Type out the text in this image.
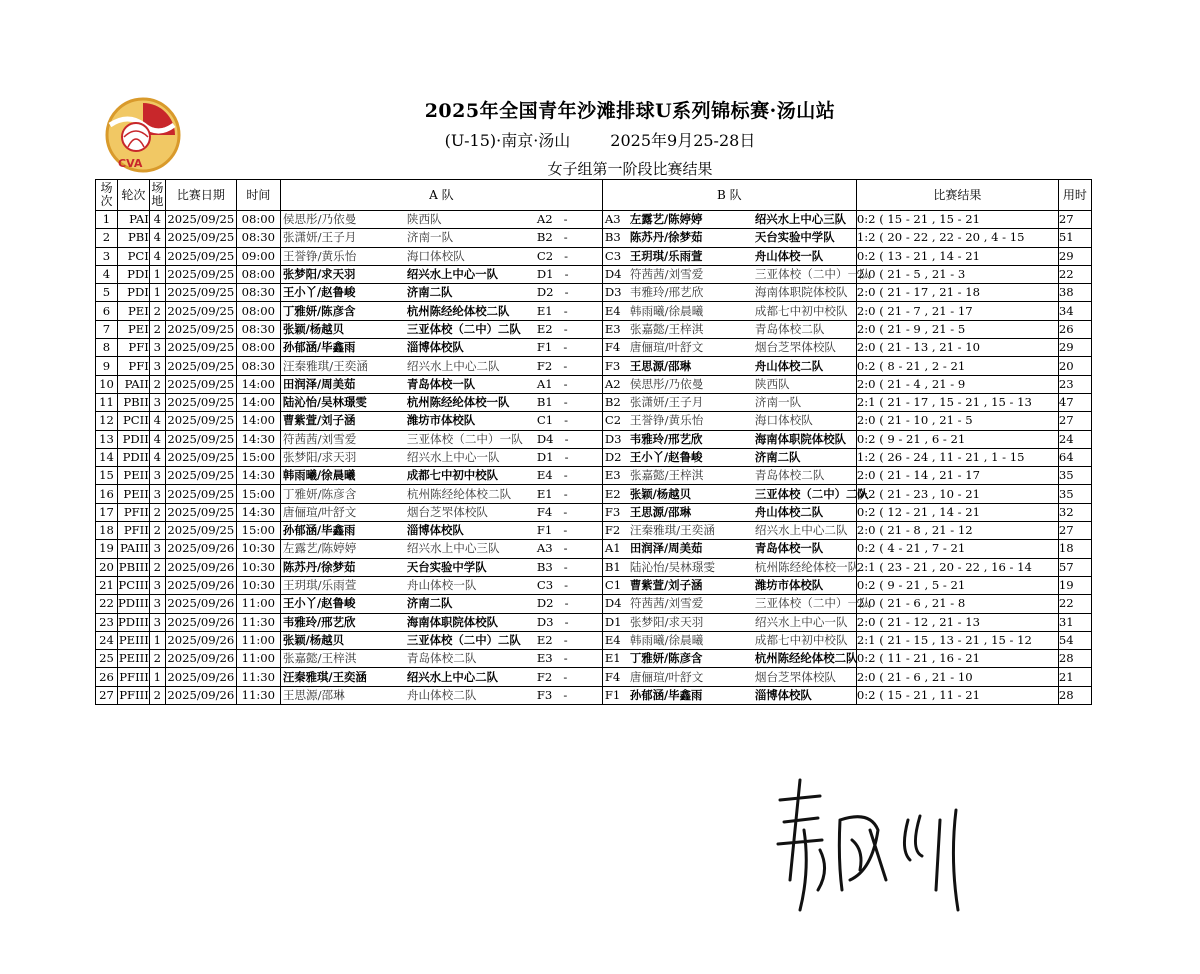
CVA
2025年全国青年沙滩排球U系列锦标赛·汤山站
(U-15)·南京·汤山	2025年9月25-28日
女子组第一阶段比赛结果
场次	轮次	场地	比赛日期	时间	A 队	B 队	比赛结果	用时
1	PAI	4	2025/09/25	08:00	侯思彤/乃依曼 陕西队 A2   -	A3 左露艺/陈婷婷 绍兴水上中心三队	0:2 ( 15 - 21 , 15 - 21	27
2	PBI	4	2025/09/25	08:30	张潇妍/王子月 济南一队 B2   -	B3 陈苏丹/徐梦茹 天台实验中学队	1:2 ( 20 - 22 , 22 - 20 , 4 - 15	51
3	PCI	4	2025/09/25	09:00	王誉铮/黄乐怡 海口体校队 C2   -	C3 王玥琪/乐雨萱 舟山体校一队	0:2 ( 13 - 21 , 14 - 21	29
4	PDI	1	2025/09/25	08:00	张梦阳/求天羽 绍兴水上中心一队 D1   -	D4 符茜茜/刘雪爱 三亚体校（二中）一队	2:0 ( 21 - 5 , 21 - 3	22
5	PDI	1	2025/09/25	08:30	王小丫/赵鲁峻 济南二队 D2   -	D3 韦雅玲/邢艺欣 海南体职院体校队	2:0 ( 21 - 17 , 21 - 18	38
6	PEI	2	2025/09/25	08:00	丁雅妍/陈彦含 杭州陈经纶体校二队 E1   -	E4 韩雨曦/徐晨曦 成都七中初中校队	2:0 ( 21 - 7 , 21 - 17	34
7	PEI	2	2025/09/25	08:30	张颖/杨越贝 三亚体校（二中）二队 E2   -	E3 张嘉懿/王梓淇 青岛体校二队	2:0 ( 21 - 9 , 21 - 5	26
8	PFI	3	2025/09/25	08:00	孙郁涵/毕鑫雨 淄博体校队 F1   -	F4 唐俪瑄/叶舒文 烟台芝罘体校队	2:0 ( 21 - 13 , 21 - 10	29
9	PFI	3	2025/09/25	08:30	汪秦雅琪/王奕涵 绍兴水上中心二队 F2   -	F3 王思源/邵琳 舟山体校二队	0:2 ( 8 - 21 , 2 - 21	20
10	PAII	2	2025/09/25	14:00	田润泽/周美茹 青岛体校一队 A1   -	A2 侯思彤/乃依曼 陕西队	2:0 ( 21 - 4 , 21 - 9	23
11	PBII	3	2025/09/25	14:00	陆沁怡/吴林璟雯 杭州陈经纶体校一队 B1   -	B2 张潇妍/王子月 济南一队	2:1 ( 21 - 17 , 15 - 21 , 15 - 13	47
12	PCII	4	2025/09/25	14:00	曹紫萱/刘子涵 潍坊市体校队 C1   -	C2 王誉铮/黄乐怡 海口体校队	2:0 ( 21 - 10 , 21 - 5	27
13	PDII	4	2025/09/25	14:30	符茜茜/刘雪爱 三亚体校（二中）一队 D4   -	D3 韦雅玲/邢艺欣 海南体职院体校队	0:2 ( 9 - 21 , 6 - 21	24
14	PDII	4	2025/09/25	15:00	张梦阳/求天羽 绍兴水上中心一队 D1   -	D2 王小丫/赵鲁峻 济南二队	1:2 ( 26 - 24 , 11 - 21 , 1 - 15	64
15	PEII	3	2025/09/25	14:30	韩雨曦/徐晨曦 成都七中初中校队 E4   -	E3 张嘉懿/王梓淇 青岛体校二队	2:0 ( 21 - 14 , 21 - 17	35
16	PEII	3	2025/09/25	15:00	丁雅妍/陈彦含 杭州陈经纶体校二队 E1   -	E2 张颖/杨越贝 三亚体校（二中）二队	0:2 ( 21 - 23 , 10 - 21	35
17	PFII	2	2025/09/25	14:30	唐俪瑄/叶舒文 烟台芝罘体校队 F4   -	F3 王思源/邵琳 舟山体校二队	0:2 ( 12 - 21 , 14 - 21	32
18	PFII	2	2025/09/25	15:00	孙郁涵/毕鑫雨 淄博体校队 F1   -	F2 汪秦雅琪/王奕涵 绍兴水上中心二队	2:0 ( 21 - 8 , 21 - 12	27
19	PAIII	3	2025/09/26	10:30	左露艺/陈婷婷 绍兴水上中心三队 A3   -	A1 田润泽/周美茹 青岛体校一队	0:2 ( 4 - 21 , 7 - 21	18
20	PBIII	2	2025/09/26	10:30	陈苏丹/徐梦茹 天台实验中学队 B3   -	B1 陆沁怡/吴林璟雯 杭州陈经纶体校一队	2:1 ( 23 - 21 , 20 - 22 , 16 - 14	57
21	PCIII	3	2025/09/26	10:30	王玥琪/乐雨萱 舟山体校一队 C3   -	C1 曹紫萱/刘子涵 潍坊市体校队	0:2 ( 9 - 21 , 5 - 21	19
22	PDIII	3	2025/09/26	11:00	王小丫/赵鲁峻 济南二队 D2   -	D4 符茜茜/刘雪爱 三亚体校（二中）一队	2:0 ( 21 - 6 , 21 - 8	22
23	PDIII	3	2025/09/26	11:30	韦雅玲/邢艺欣 海南体职院体校队 D3   -	D1 张梦阳/求天羽 绍兴水上中心一队	2:0 ( 21 - 12 , 21 - 13	31
24	PEIII	1	2025/09/26	11:00	张颖/杨越贝 三亚体校（二中）二队 E2   -	E4 韩雨曦/徐晨曦 成都七中初中校队	2:1 ( 21 - 15 , 13 - 21 , 15 - 12	54
25	PEIII	2	2025/09/26	11:00	张嘉懿/王梓淇 青岛体校二队 E3   -	E1 丁雅妍/陈彦含 杭州陈经纶体校二队	0:2 ( 11 - 21 , 16 - 21	28
26	PFIII	1	2025/09/26	11:30	汪秦雅琪/王奕涵 绍兴水上中心二队 F2   -	F4 唐俪瑄/叶舒文 烟台芝罘体校队	2:0 ( 21 - 6 , 21 - 10	21
27	PFIII	2	2025/09/26	11:30	王思源/邵琳 舟山体校二队 F3   -	F1 孙郁涵/毕鑫雨 淄博体校队	0:2 ( 15 - 21 , 11 - 21	28
